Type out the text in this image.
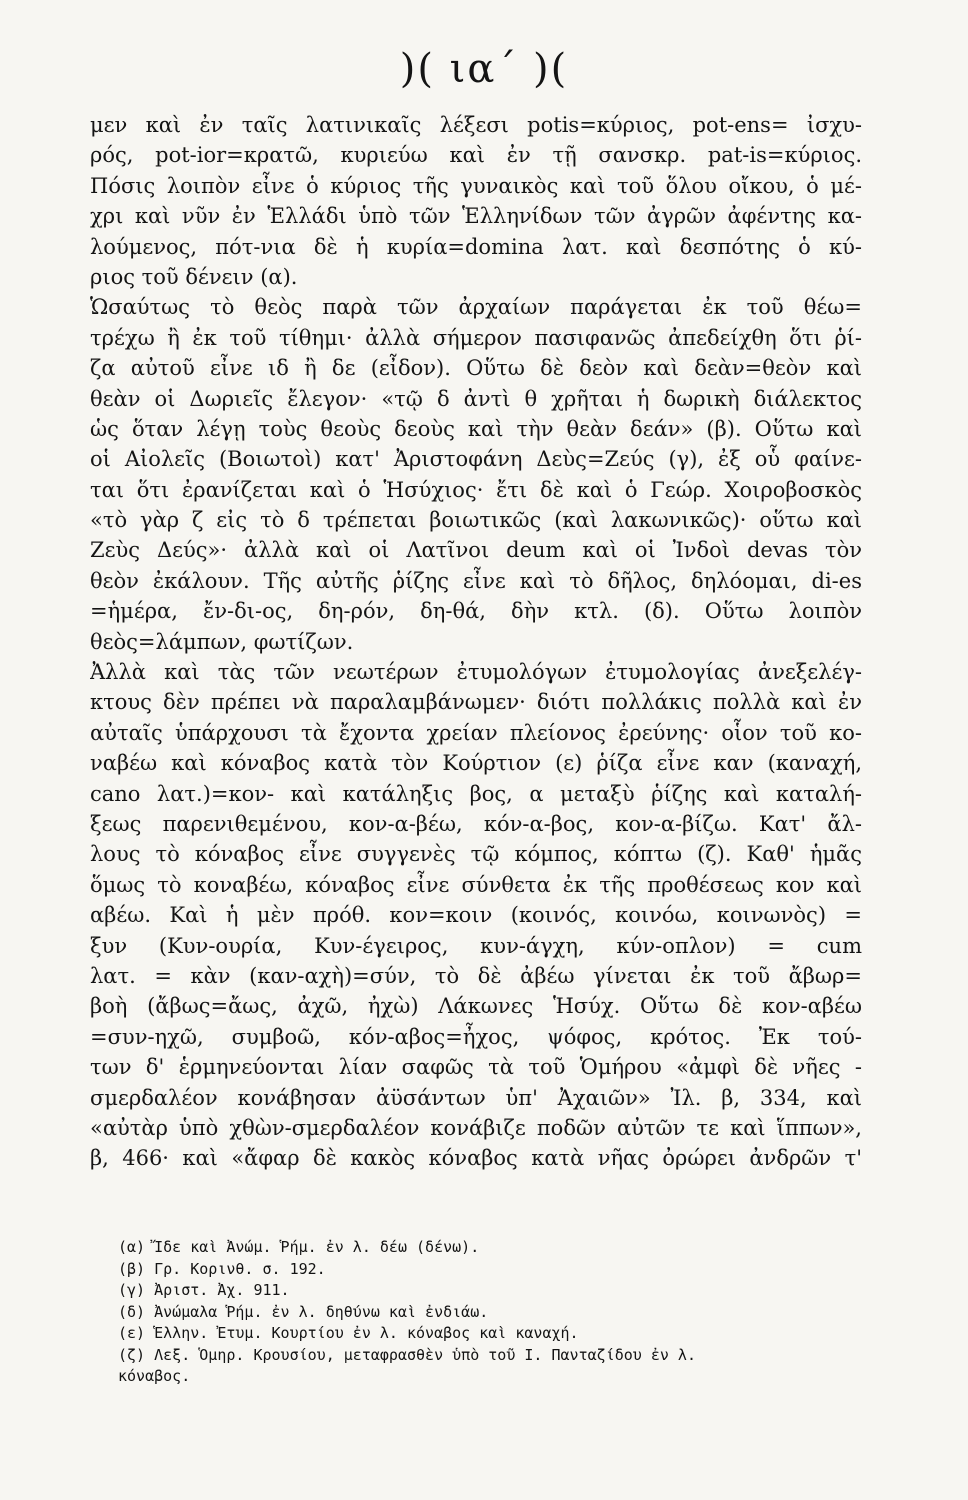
)( ια΄ )(
μεν καὶ ἐν ταῖς λατινικαῖς λέξεσι potis=κύριος, pot-ens= ἰσχυ-
ρός, pot-ior=κρατῶ, κυριεύω καὶ ἐν τῇ σανσκρ. pat-is=κύριος.
Πόσις λοιπὸν εἶνε ὁ κύριος τῆς γυναικὸς καὶ τοῦ ὅλου οἴκου, ὁ μέ-
χρι καὶ νῦν ἐν Ἑλλάδι ὑπὸ τῶν Ἑλληνίδων τῶν ἀγρῶν ἀφέντης κα-
λούμενος, πότ-νια δὲ ἡ κυρία=domina λατ. καὶ δεσπότης ὁ κύ-
ριος τοῦ δένειν (α).
Ὡσαύτως τὸ θεὸς παρὰ τῶν ἀρχαίων παράγεται ἐκ τοῦ θέω=
τρέχω ἢ ἐκ τοῦ τίθημι· ἀλλὰ σήμερον πασιφανῶς ἀπεδείχθη ὅτι ῥί-
ζα αὐτοῦ εἶνε ιδ ἢ δε (εἶδον). Οὕτω δὲ δεὸν καὶ δεὰν=θεὸν καὶ
θεὰν οἱ Δωριεῖς ἔλεγον· «τῷ δ ἀντὶ θ χρῆται ἡ δωρικὴ διάλεκτος
ὡς ὅταν λέγῃ τοὺς θεοὺς δεοὺς καὶ τὴν θεὰν δεάν» (β). Οὕτω καὶ
οἱ Αἰολεῖς (Βοιωτοὶ) κατ' Ἀριστοφάνη Δεὺς=Ζεύς (γ), ἐξ οὗ φαίνε-
ται ὅτι ἐρανίζεται καὶ ὁ Ἡσύχιος· ἔτι δὲ καὶ ὁ Γεώρ. Χοιροβοσκὸς
«τὸ γὰρ ζ εἰς τὸ δ τρέπεται βοιωτικῶς (καὶ λακωνικῶς)· οὕτω καὶ
Ζεὺς Δεύς»· ἀλλὰ καὶ οἱ Λατῖνοι deum καὶ οἱ Ἰνδοὶ devas τὸν
θεὸν ἐκάλουν. Τῆς αὐτῆς ῥίζης εἶνε καὶ τὸ δῆλος, δηλόομαι, di-es
=ἡμέρα, ἔν-δι-ος, δη-ρόν, δη-θά, δὴν κτλ. (δ). Οὕτω λοιπὸν
θεὸς=λάμπων, φωτίζων.
Ἀλλὰ καὶ τὰς τῶν νεωτέρων ἐτυμολόγων ἐτυμολογίας ἀνεξελέγ-
κτους δὲν πρέπει νὰ παραλαμβάνωμεν· διότι πολλάκις πολλὰ καὶ ἐν
αὐταῖς ὑπάρχουσι τὰ ἔχοντα χρείαν πλείονος ἐρεύνης· οἷον τοῦ κο-
ναβέω καὶ κόναβος κατὰ τὸν Κούρτιον (ε) ῥίζα εἶνε καν (καναχή,
cano λατ.)=κον- καὶ κατάληξις βος, α μεταξὺ ῥίζης καὶ καταλή-
ξεως παρενιθεμένου, κον-α-βέω, κόν-α-βος, κον-α-βίζω. Κατ' ἄλ-
λους τὸ κόναβος εἶνε συγγενὲς τῷ κόμπος, κόπτω (ζ). Καθ' ἡμᾶς
ὅμως τὸ κοναβέω, κόναβος εἶνε σύνθετα ἐκ τῆς προθέσεως κον καὶ
αβέω. Καὶ ἡ μὲν πρόθ. κον=κοιν (κοινός, κοινόω, κοινωνὸς) =
ξυν (Κυν-ουρία, Κυν-έγειρος, κυν-άγχη, κύν-οπλον) = cum
λατ. = κὰν (καν-αχὴ)=σύν, τὸ δὲ ἀβέω γίνεται ἐκ τοῦ ἄβωρ=
βοὴ (ἄβως=ἄως, ἀχῶ, ἠχὼ) Λάκωνες Ἡσύχ. Οὕτω δὲ κον-αβέω
=συν-ηχῶ, συμβοῶ, κόν-αβος=ἦχος, ψόφος, κρότος. Ἐκ τού-
των δ' ἑρμηνεύονται λίαν σαφῶς τὰ τοῦ Ὁμήρου «ἀμφὶ δὲ νῆες -
σμερδαλέον κονάβησαν ἀϋσάντων ὑπ' Ἀχαιῶν» Ἰλ. β, 334, καὶ
«αὐτὰρ ὑπὸ χθὼν-σμερδαλέον κονάβιζε ποδῶν αὐτῶν τε καὶ ἵππων»,
β, 466· καὶ «ἄφαρ δὲ κακὸς κόναβος κατὰ νῆας ὀρώρει ἀνδρῶν τ'
(α) Ἴδε καὶ Ἀνώμ. Ῥήμ. ἐν λ. δέω (δένω).
(β) Γρ. Κορινθ. σ. 192.
(γ) Ἀριστ. Ἀχ. 911.
(δ) Ἀνώμαλα Ῥήμ. ἐν λ. δηθύνω καὶ ἐνδιάω.
(ε) Ἑλλην. Ἐτυμ. Κουρτίου ἐν λ. κόναβος καὶ καναχή.
(ζ) Λεξ. Ὁμηρ. Κρουσίου, μεταφρασθὲν ὑπὸ τοῦ Ι. Πανταζίδου ἐν λ.
κόναβος.
